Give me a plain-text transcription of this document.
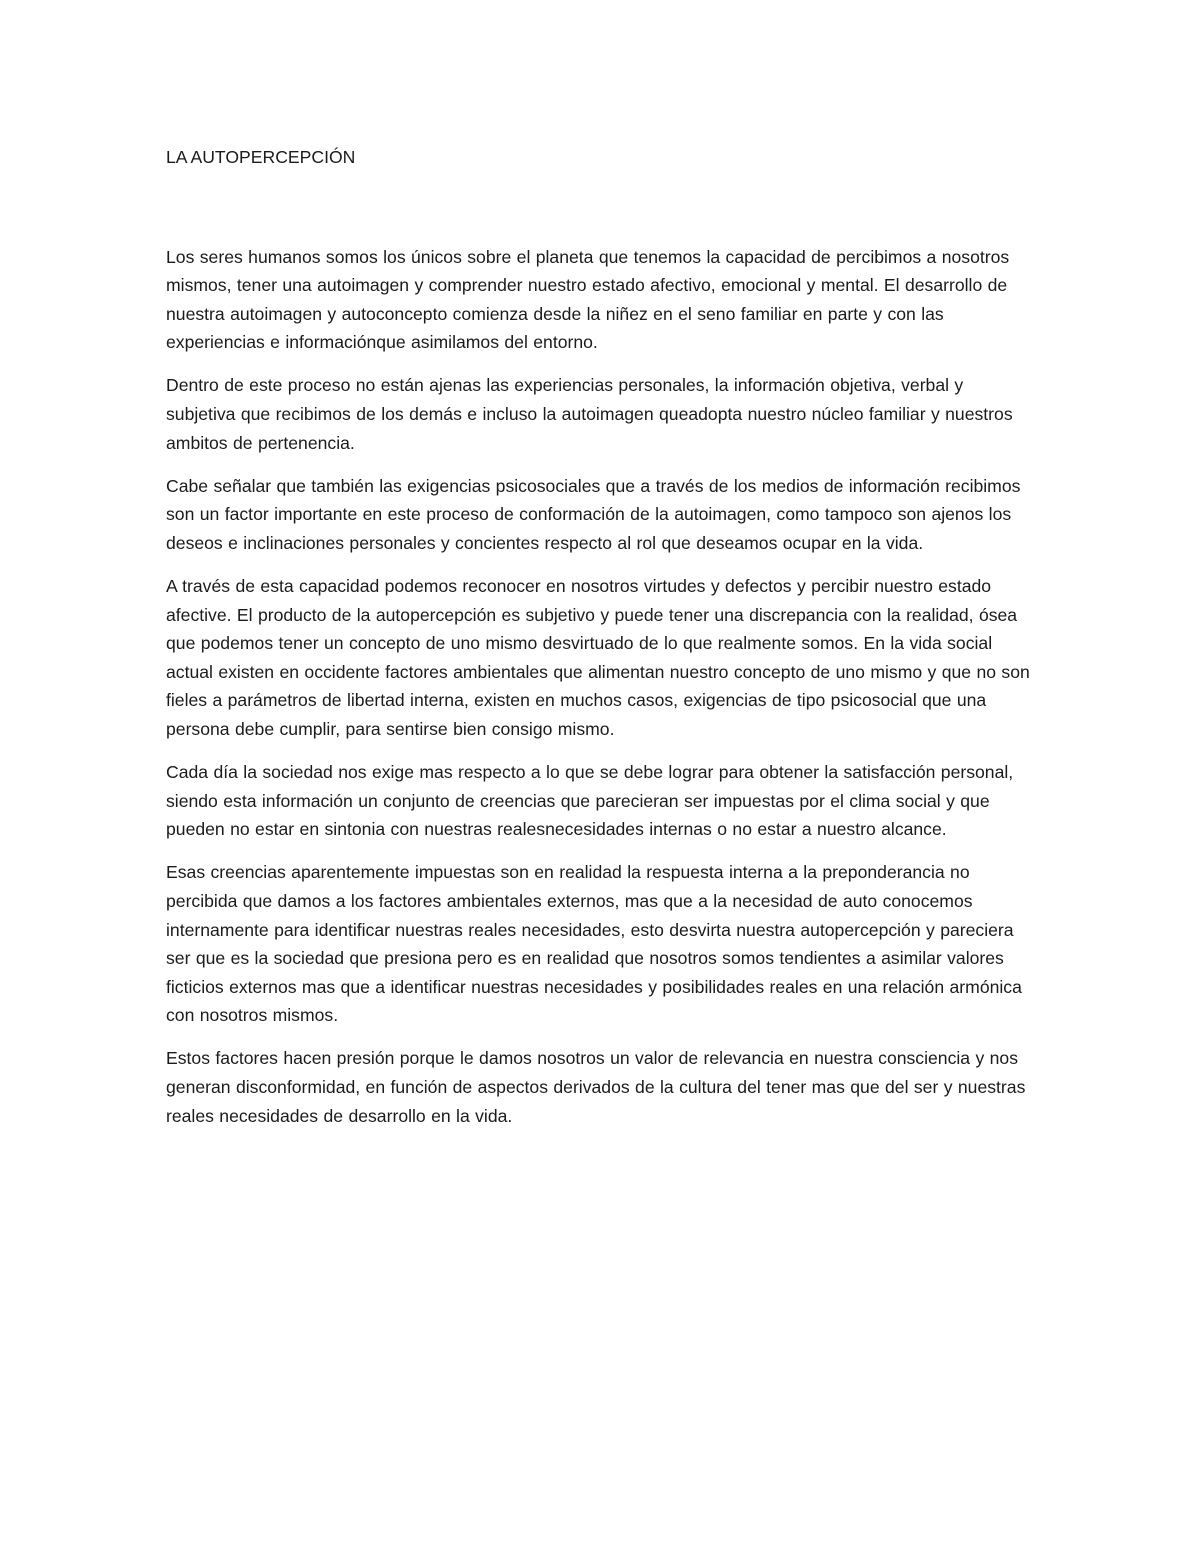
LA AUTOPERCEPCIÓN

Los seres humanos somos los únicos sobre el planeta que tenemos la capacidad de percibimos a nosotros mismos, tener una autoimagen y comprender nuestro estado afectivo, emocional y mental. El desarrollo de nuestra autoimagen y autoconcepto comienza desde la niñez en el seno familiar en parte y con las experiencias e informaciónque asimilamos del entorno.

Dentro de este proceso no están ajenas las experiencias personales, la información objetiva, verbal y subjetiva que recibimos de los demás e incluso la autoimagen queadopta nuestro núcleo familiar y nuestros ambitos de pertenencia.

Cabe señalar que también las exigencias psicosociales que a través de los medios de información recibimos son un factor importante en este proceso de conformación de la autoimagen, como tampoco son ajenos los deseos e inclinaciones personales y concientes respecto al rol que deseamos ocupar en la vida.

A través de esta capacidad podemos reconocer en nosotros virtudes y defectos y percibir nuestro estado afective. El producto de la autopercepción es subjetivo y puede tener una discrepancia con la realidad, ósea que podemos tener un concepto de uno mismo desvirtuado de lo que realmente somos. En la vida social actual existen en occidente factores ambientales que alimentan nuestro concepto de uno mismo y que no son fieles a parámetros de libertad interna, existen en muchos casos, exigencias de tipo psicosocial que una persona debe cumplir, para sentirse bien consigo mismo.

Cada día la sociedad nos exige mas respecto a lo que se debe lograr para obtener la satisfacción personal, siendo esta información un conjunto de creencias que parecieran ser impuestas por el clima social y que pueden no estar en sintonia con nuestras realesnecesidades internas o no estar a nuestro alcance.

Esas creencias aparentemente impuestas son en realidad la respuesta interna a la preponderancia no percibida que damos a los factores ambientales externos, mas que a la necesidad de auto conocemos internamente para identificar nuestras reales necesidades, esto desvirta nuestra autopercepción y pareciera ser que es la sociedad que presiona pero es en realidad que nosotros somos tendientes a asimilar valores ficticios externos mas que a identificar nuestras necesidades y posibilidades reales en una relación armónica con nosotros mismos.

Estos factores hacen presión porque le damos nosotros un valor de relevancia en nuestra consciencia y nos generan disconformidad, en función de aspectos derivados de la cultura del tener mas que del ser y nuestras reales necesidades de desarrollo en la vida.
